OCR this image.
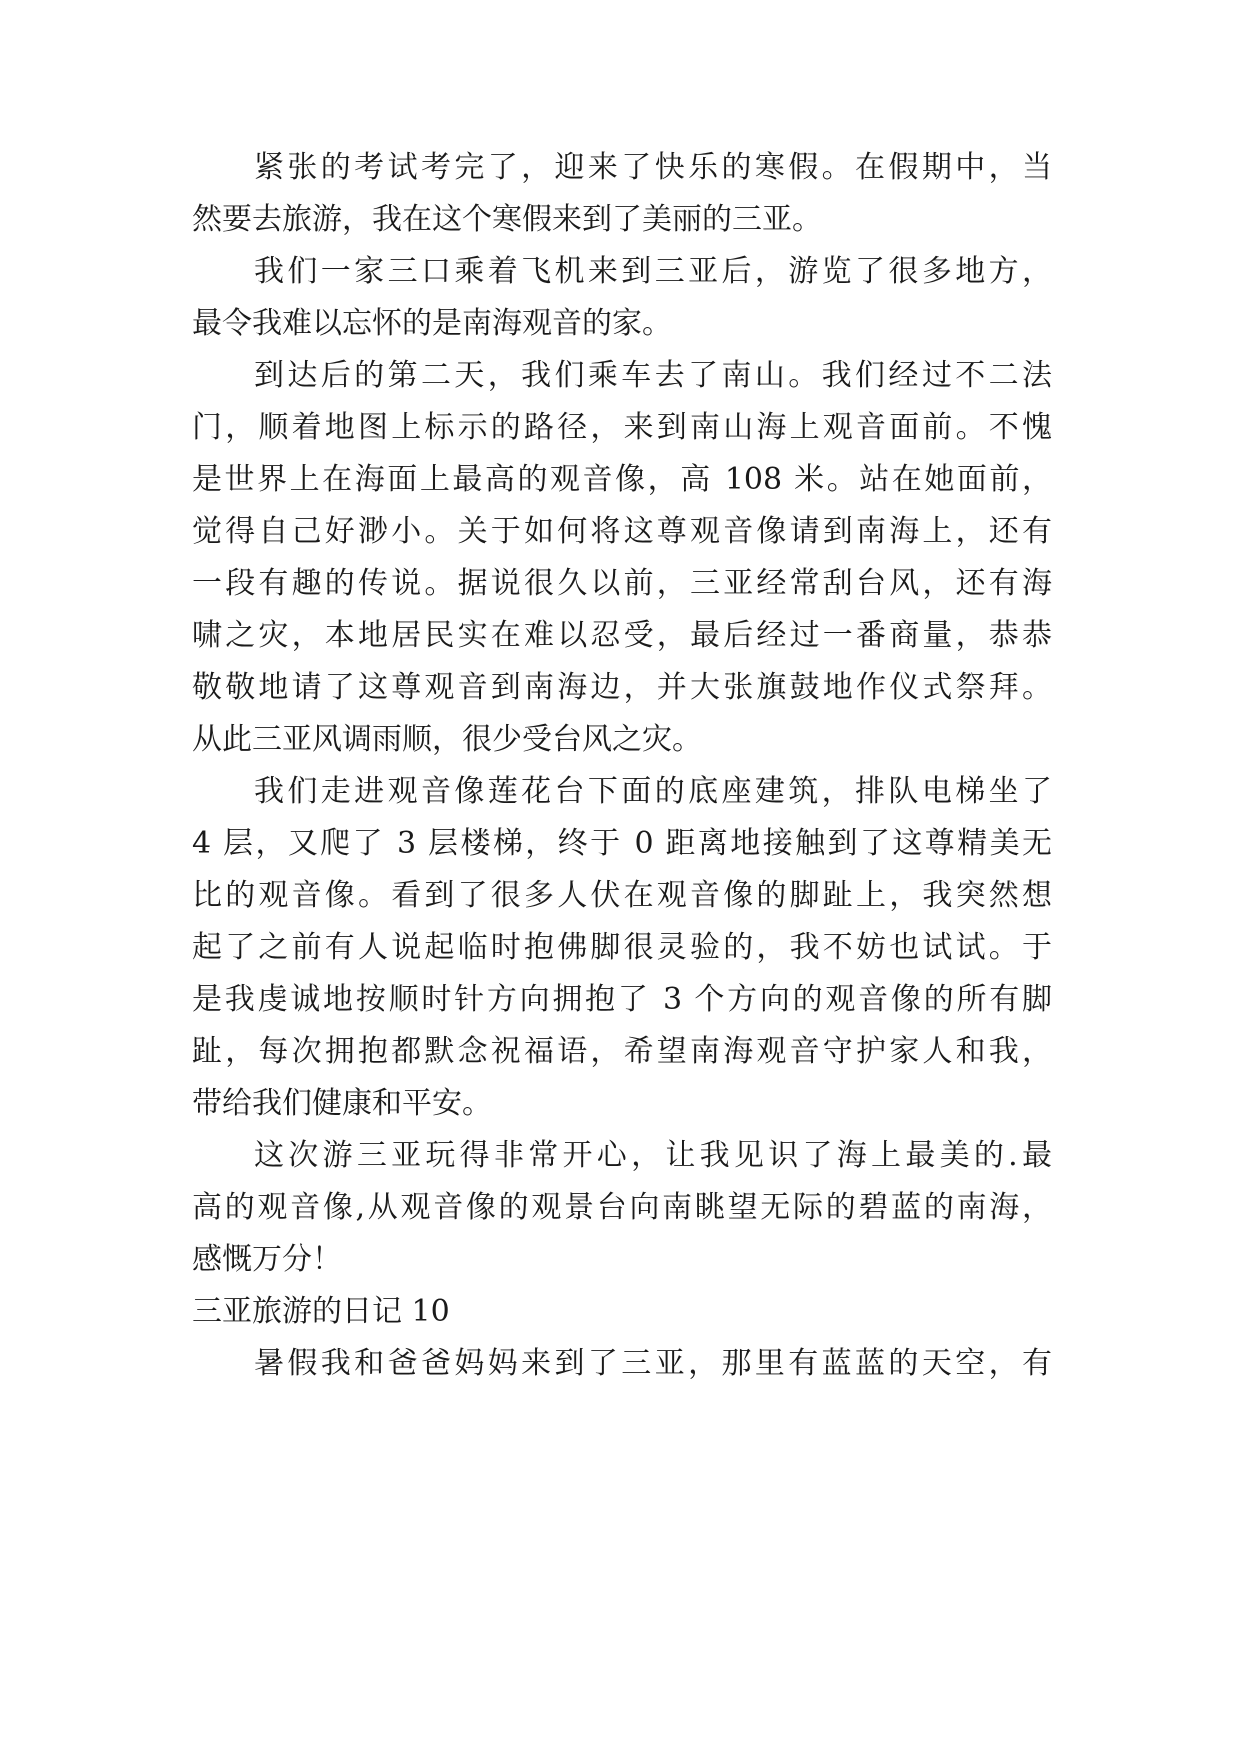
紧张的考试考完了，迎来了快乐的寒假。在假期中，当
然要去旅游，我在这个寒假来到了美丽的三亚。
我们一家三口乘着飞机来到三亚后，游览了很多地方，
最令我难以忘怀的是南海观音的家。
到达后的第二天，我们乘车去了南山。我们经过不二法
门，顺着地图上标示的路径，来到南山海上观音面前。不愧
是世界上在海面上最高的观音像，高 108 米。站在她面前，
觉得自己好渺小。关于如何将这尊观音像请到南海上，还有
一段有趣的传说。据说很久以前，三亚经常刮台风，还有海
啸之灾，本地居民实在难以忍受，最后经过一番商量，恭恭
敬敬地请了这尊观音到南海边，并大张旗鼓地作仪式祭拜。
从此三亚风调雨顺，很少受台风之灾。
我们走进观音像莲花台下面的底座建筑，排队电梯坐了
4 层，又爬了 3 层楼梯，终于 0 距离地接触到了这尊精美无
比的观音像。看到了很多人伏在观音像的脚趾上，我突然想
起了之前有人说起临时抱佛脚很灵验的，我不妨也试试。于
是我虔诚地按顺时针方向拥抱了 3 个方向的观音像的所有脚
趾，每次拥抱都默念祝福语，希望南海观音守护家人和我，
带给我们健康和平安。
这次游三亚玩得非常开心，让我见识了海上最美的.最
高的观音像,从观音像的观景台向南眺望无际的碧蓝的南海，
感慨万分！
三亚旅游的日记 10
暑假我和爸爸妈妈来到了三亚，那里有蓝蓝的天空，有
